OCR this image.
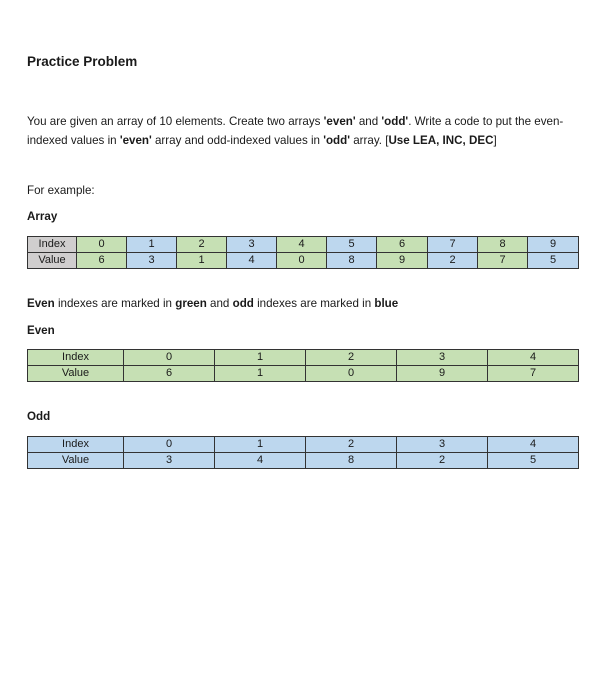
Practice Problem
You are given an array of 10 elements. Create two arrays 'even' and 'odd'. Write a code to put the even-indexed values in 'even' array and odd-indexed values in 'odd' array. [Use LEA, INC, DEC]
For example:
Array
Index	0	1	2	3	4	5	6	7	8	9
Value	6	3	1	4	0	8	9	2	7	5
Even indexes are marked in green and odd indexes are marked in blue
Even
Index	0	1	2	3	4
Value	6	1	0	9	7
Odd
Index	0	1	2	3	4
Value	3	4	8	2	5
